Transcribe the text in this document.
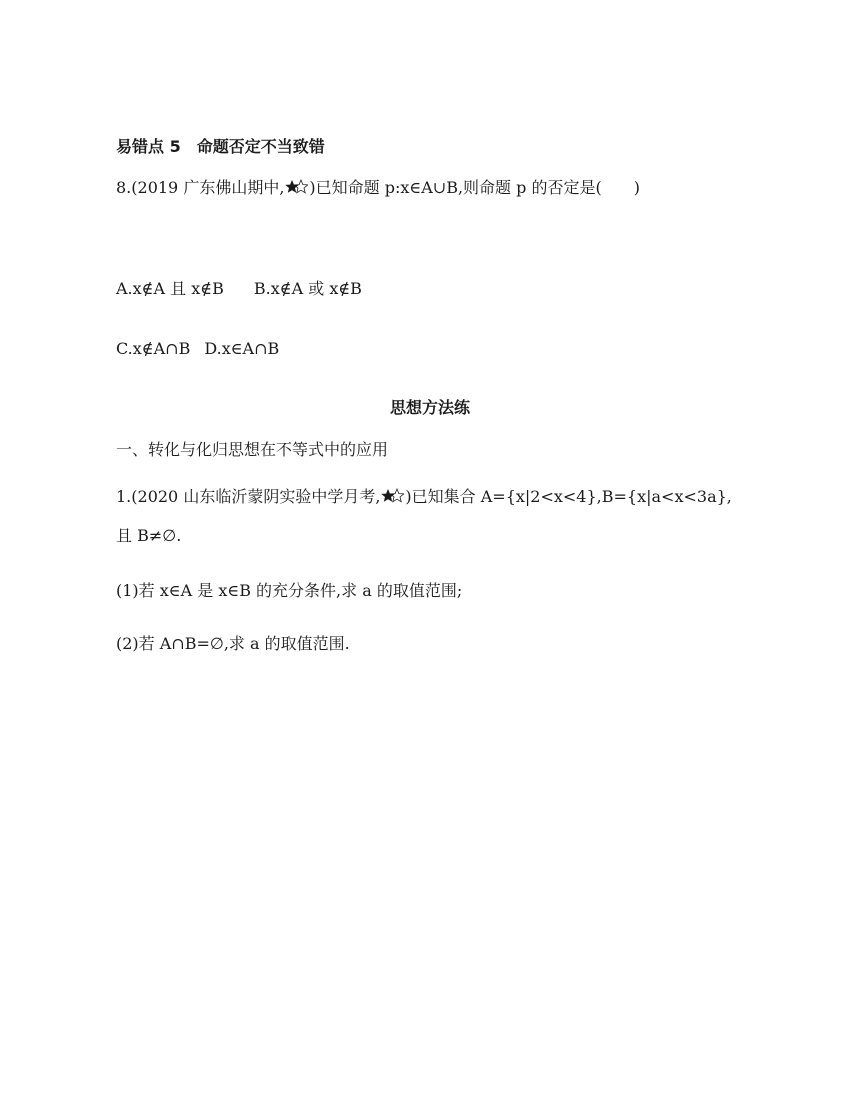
易错点 5　命题否定不当致错
8.(2019 广东佛山期中, )已知命题 p:x∈A∪B,则命题 p 的否定是(　　)
A.x∉A 且 x∉B B.x∉A 或 x∉B
C.x∉A∩B D.x∈A∩B
思想方法练
一、转化与化归思想在不等式中的应用
1.(2020 山东临沂蒙阴实验中学月考, )已知集合 A={x|2<x<4},B={x|a<x<3a},
且 B≠∅.
(1)若 x∈A 是 x∈B 的充分条件,求 a 的取值范围;
(2)若 A∩B=∅,求 a 的取值范围.
